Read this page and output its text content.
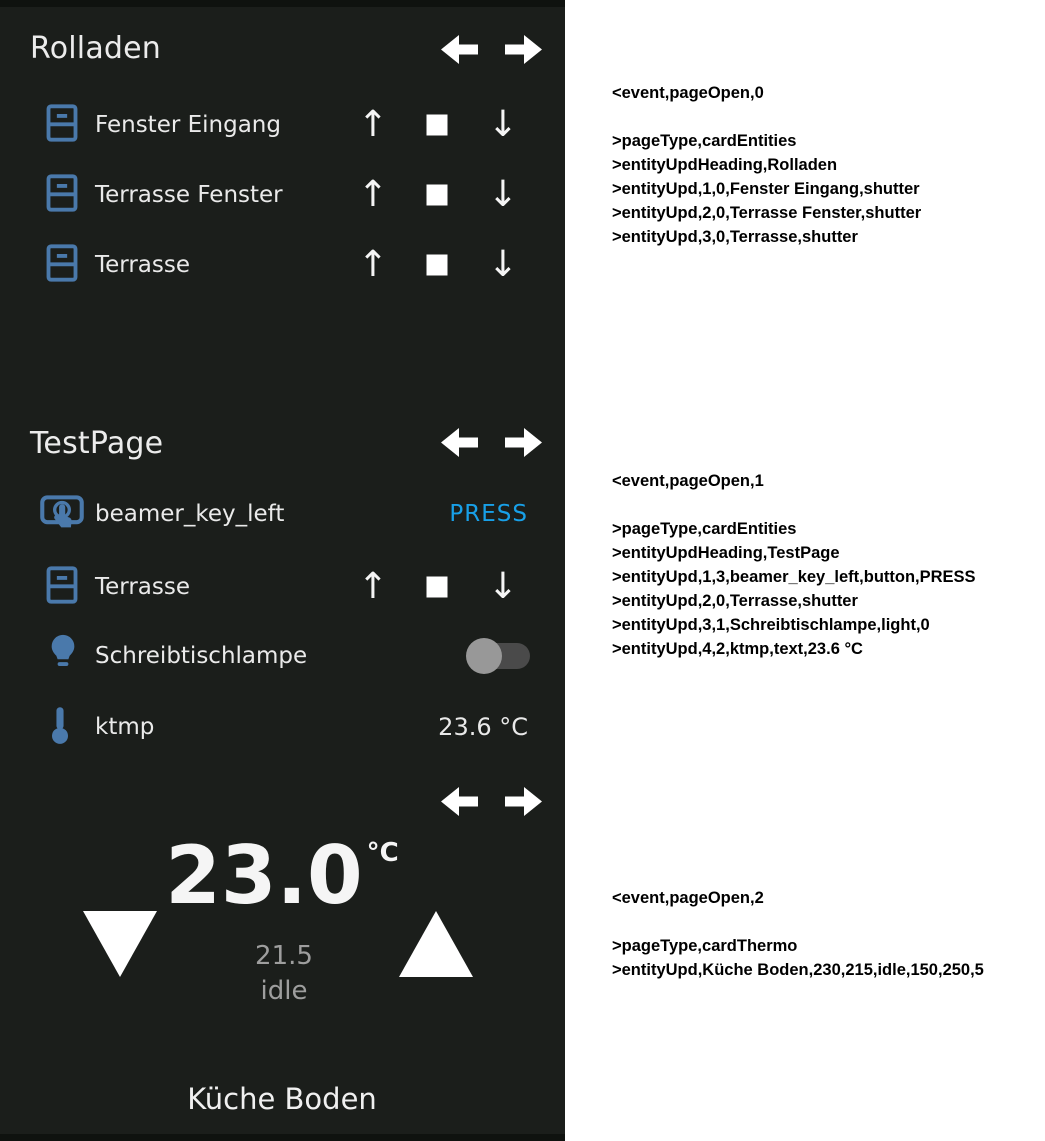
Rolladen
Fenster Eingang ↑	↓
Terrasse Fenster ↑	↓
Terrasse	↑	↓
TestPage
beamer_key_left	PRESS
Terrasse	↑	↓
Schreibtischlampe
ktmp	23.6 °C
23.0 °C
21.5
idle
Küche Boden
<event,pageOpen,0
>pageType,cardEntities
>entityUpdHeading,Rolladen
>entityUpd,1,0,Fenster Eingang,shutter
>entityUpd,2,0,Terrasse Fenster,shutter
>entityUpd,3,0,Terrasse,shutter
<event,pageOpen,1
>pageType,cardEntities
>entityUpdHeading,TestPage
>entityUpd,1,3,beamer_key_left,button,PRESS
>entityUpd,2,0,Terrasse,shutter
>entityUpd,3,1,Schreibtischlampe,light,0
>entityUpd,4,2,ktmp,text,23.6 °C
<event,pageOpen,2
>pageType,cardThermo
>entityUpd,Küche Boden,230,215,idle,150,250,5
